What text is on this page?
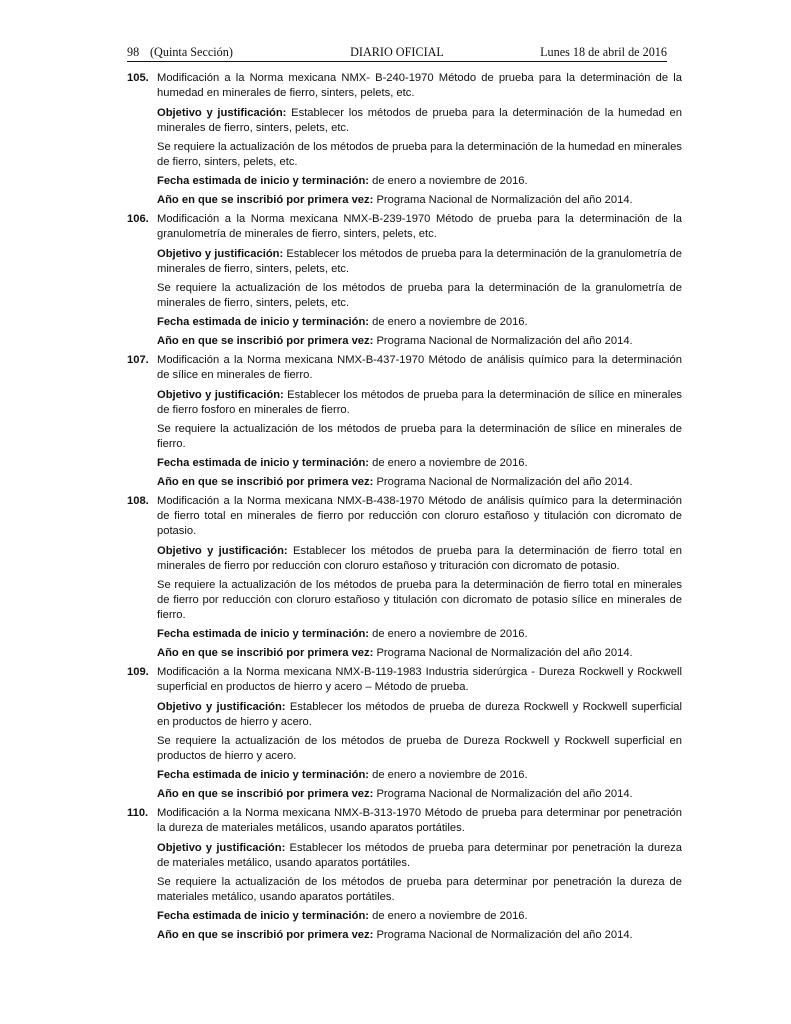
98 (Quinta Sección)	DIARIO OFICIAL	Lunes 18 de abril de 2016
105. Modificación a la Norma mexicana NMX- B-240-1970 Método de prueba para la determinación de la humedad en minerales de fierro, sinters, pelets, etc.

Objetivo y justificación: Establecer los métodos de prueba para la determinación de la humedad en minerales de fierro, sinters, pelets, etc.

Se requiere la actualización de los métodos de prueba para la determinación de la humedad en minerales de fierro, sinters, pelets, etc.

Fecha estimada de inicio y terminación: de enero a noviembre de 2016.

Año en que se inscribió por primera vez: Programa Nacional de Normalización del año 2014.

106. Modificación a la Norma mexicana NMX-B-239-1970 Método de prueba para la determinación de la granulometría de minerales de fierro, sinters, pelets, etc.

Objetivo y justificación: Establecer los métodos de prueba para la determinación de la granulometría de minerales de fierro, sinters, pelets, etc.

Se requiere la actualización de los métodos de prueba para la determinación de la granulometría de minerales de fierro, sinters, pelets, etc.

Fecha estimada de inicio y terminación: de enero a noviembre de 2016.

Año en que se inscribió por primera vez: Programa Nacional de Normalización del año 2014.

107. Modificación a la Norma mexicana NMX-B-437-1970 Método de análisis químico para la determinación de sílice en minerales de fierro.

Objetivo y justificación: Establecer los métodos de prueba para la determinación de sílice en minerales de fierro fosforo en minerales de fierro.

Se requiere la actualización de los métodos de prueba para la determinación de sílice en minerales de fierro.

Fecha estimada de inicio y terminación: de enero a noviembre de 2016.

Año en que se inscribió por primera vez: Programa Nacional de Normalización del año 2014.

108. Modificación a la Norma mexicana NMX-B-438-1970 Método de análisis químico para la determinación de fierro total en minerales de fierro por reducción con cloruro estañoso y titulación con dicromato de potasio.

Objetivo y justificación: Establecer los métodos de prueba para la determinación de fierro total en minerales de fierro por reducción con cloruro estañoso y trituración con dicromato de potasio.

Se requiere la actualización de los métodos de prueba para la determinación de fierro total en minerales de fierro por reducción con cloruro estañoso y titulación con dicromato de potasio sílice en minerales de fierro.

Fecha estimada de inicio y terminación: de enero a noviembre de 2016.

Año en que se inscribió por primera vez: Programa Nacional de Normalización del año 2014.

109. Modificación a la Norma mexicana NMX-B-119-1983 Industria siderúrgica - Dureza Rockwell y Rockwell superficial en productos de hierro y acero – Método de prueba.

Objetivo y justificación: Establecer los métodos de prueba de dureza Rockwell y Rockwell superficial en productos de hierro y acero.

Se requiere la actualización de los métodos de prueba de Dureza Rockwell y Rockwell superficial en productos de hierro y acero.

Fecha estimada de inicio y terminación: de enero a noviembre de 2016.

Año en que se inscribió por primera vez: Programa Nacional de Normalización del año 2014.

110. Modificación a la Norma mexicana NMX-B-313-1970 Método de prueba para determinar por penetración la dureza de materiales metálicos, usando aparatos portátiles.

Objetivo y justificación: Establecer los métodos de prueba para determinar por penetración la dureza de materiales metálico, usando aparatos portátiles.

Se requiere la actualización de los métodos de prueba para determinar por penetración la dureza de materiales metálico, usando aparatos portátiles.

Fecha estimada de inicio y terminación: de enero a noviembre de 2016.

Año en que se inscribió por primera vez: Programa Nacional de Normalización del año 2014.
